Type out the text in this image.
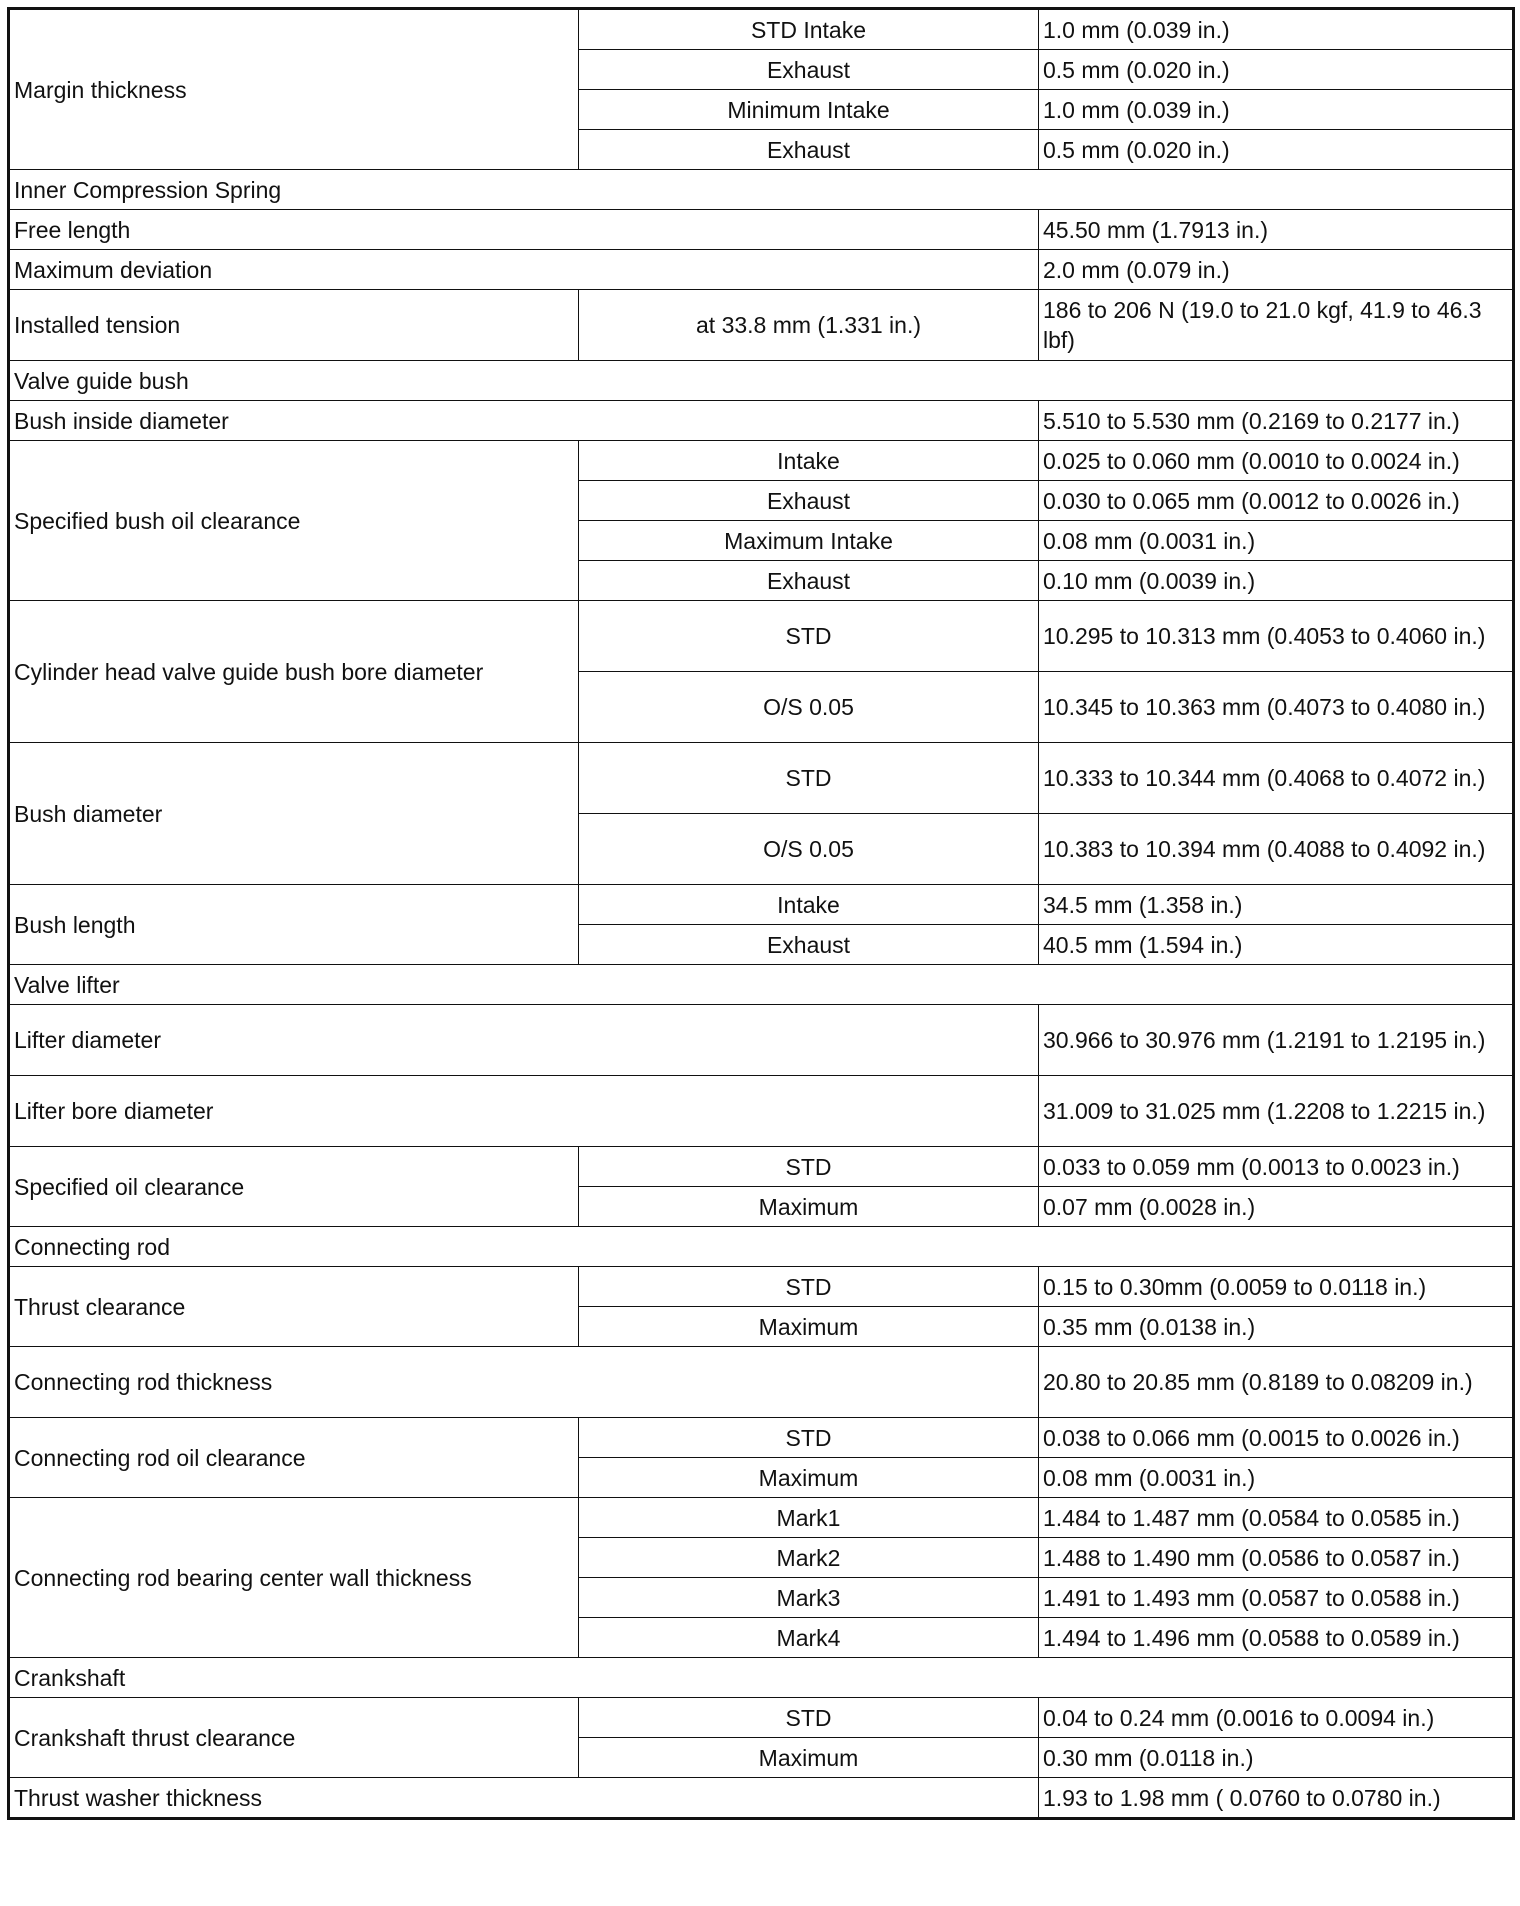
Margin thickness	STD Intake	1.0 mm (0.039 in.)
	Exhaust	0.5 mm (0.020 in.)
	Minimum Intake	1.0 mm (0.039 in.)
	Exhaust	0.5 mm (0.020 in.)
Inner Compression Spring		
Free length		45.50 mm (1.7913 in.)
Maximum deviation		2.0 mm (0.079 in.)
Installed tension	at 33.8 mm (1.331 in.)	186 to 206 N (19.0 to 21.0 kgf, 41.9 to 46.3 lbf)
Valve guide bush		
Bush inside diameter		5.510 to 5.530 mm (0.2169 to 0.2177 in.)
Specified bush oil clearance	Intake	0.025 to 0.060 mm (0.0010 to 0.0024 in.)
	Exhaust	0.030 to 0.065 mm (0.0012 to 0.0026 in.)
	Maximum Intake	0.08 mm (0.0031 in.)
	Exhaust	0.10 mm (0.0039 in.)
Cylinder head valve guide bush bore diameter	STD	10.295 to 10.313 mm (0.4053 to 0.4060 in.)
	O/S 0.05	10.345 to 10.363 mm (0.4073 to 0.4080 in.)
Bush diameter	STD	10.333 to 10.344 mm (0.4068 to 0.4072 in.)
	O/S 0.05	10.383 to 10.394 mm (0.4088 to 0.4092 in.)
Bush length	Intake	34.5 mm (1.358 in.)
	Exhaust	40.5 mm (1.594 in.)
Valve lifter		
Lifter diameter		30.966 to 30.976 mm (1.2191 to 1.2195 in.)
Lifter bore diameter		31.009 to 31.025 mm (1.2208 to 1.2215 in.)
Specified oil clearance	STD	0.033 to 0.059 mm (0.0013 to 0.0023 in.)
	Maximum	0.07 mm (0.0028 in.)
Connecting rod		
Thrust clearance	STD	0.15 to 0.30mm (0.0059 to 0.0118 in.)
	Maximum	0.35 mm (0.0138 in.)
Connecting rod thickness		20.80 to 20.85 mm (0.8189 to 0.08209 in.)
Connecting rod oil clearance	STD	0.038 to 0.066 mm (0.0015 to 0.0026 in.)
	Maximum	0.08 mm (0.0031 in.)
Connecting rod bearing center wall thickness	Mark1	1.484 to 1.487 mm (0.0584 to 0.0585 in.)
	Mark2	1.488 to 1.490 mm (0.0586 to 0.0587 in.)
	Mark3	1.491 to 1.493 mm (0.0587 to 0.0588 in.)
	Mark4	1.494 to 1.496 mm (0.0588 to 0.0589 in.)
Crankshaft		
Crankshaft thrust clearance	STD	0.04 to 0.24 mm (0.0016 to 0.0094 in.)
	Maximum	0.30 mm (0.0118 in.)
Thrust washer thickness		1.93 to 1.98 mm ( 0.0760 to 0.0780 in.)
